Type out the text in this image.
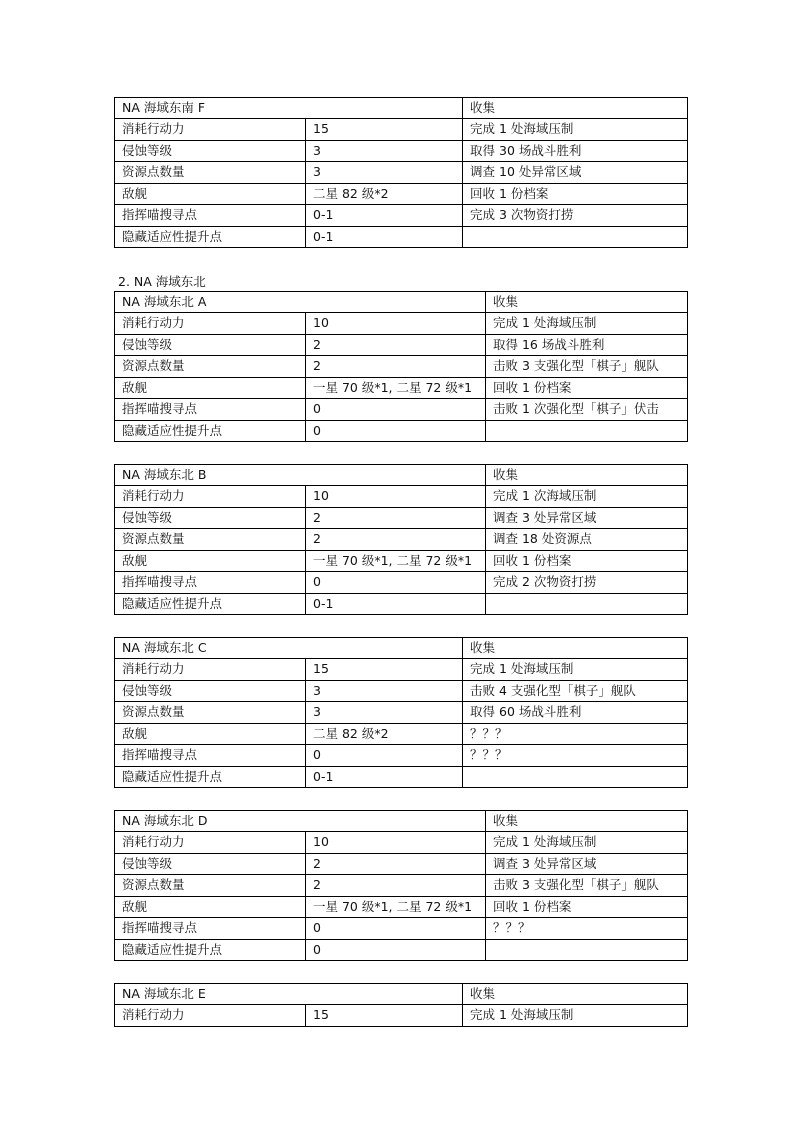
NA 海域东南 F		收集
消耗行动力	15	完成 1 处海域压制
侵蚀等级	3	取得 30 场战斗胜利
资源点数量	3	调查 10 处异常区域
敌舰	二星 82 级*2	回收 1 份档案
指挥喵搜寻点	0-1	完成 3 次物资打捞
隐藏适应性提升点	0-1	
2. NA 海域东北
NA 海域东北 A		收集
消耗行动力	10	完成 1 处海域压制
侵蚀等级	2	取得 16 场战斗胜利
资源点数量	2	击败 3 支强化型「棋子」舰队
敌舰	一星 70 级*1, 二星 72 级*1	回收 1 份档案
指挥喵搜寻点	0	击败 1 次强化型「棋子」伏击
隐藏适应性提升点	0	
NA 海域东北 B		收集
消耗行动力	10	完成 1 次海域压制
侵蚀等级	2	调查 3 处异常区域
资源点数量	2	调查 18 处资源点
敌舰	一星 70 级*1, 二星 72 级*1	回收 1 份档案
指挥喵搜寻点	0	完成 2 次物资打捞
隐藏适应性提升点	0-1	
NA 海域东北 C		收集
消耗行动力	15	完成 1 处海域压制
侵蚀等级	3	击败 4 支强化型「棋子」舰队
资源点数量	3	取得 60 场战斗胜利
敌舰	二星 82 级*2	？？？
指挥喵搜寻点	0	？？？
隐藏适应性提升点	0-1	
NA 海域东北 D		收集
消耗行动力	10	完成 1 处海域压制
侵蚀等级	2	调查 3 处异常区域
资源点数量	2	击败 3 支强化型「棋子」舰队
敌舰	一星 70 级*1, 二星 72 级*1	回收 1 份档案
指挥喵搜寻点	0	？？？
隐藏适应性提升点	0	
NA 海域东北 E		收集
消耗行动力	15	完成 1 处海域压制
